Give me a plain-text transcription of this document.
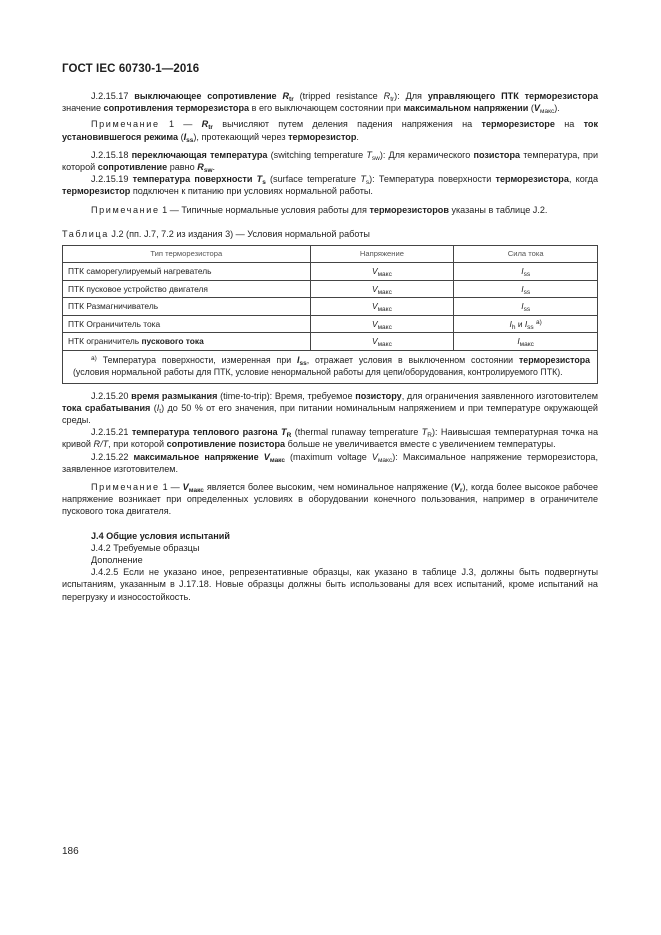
ГОСТ IEC 60730-1—2016

J.2.15.17 выключающее сопротивление $R_{tr}$ (tripped resistance $R_{tr}$): Для управляющего ПТК терморезистора значение сопротивления терморезистора в его выключающем состоянии при максимальном напряжении $(V_{макс})$.

Примечание 1 — $R_{tr}$ вычисляют путем деления падения напряжения на терморезисторе на ток установившегося режима $(I_{ss})$, протекающий через терморезистор.

J.2.15.18 переключающая температура (switching temperature $T_{sw}$): Для керамического позистора температура, при которой сопротивление равно $R_{sw}$.

J.2.15.19 температура поверхности $T_s$ (surface temperature $T_s$): Температура поверхности терморезистора, когда терморезистор подключен к питанию при условиях нормальной работы.

Примечание 1 — Типичные нормальные условия работы для терморезисторов указаны в таблице J.2.

Таблица J.2 (пп. J.7, 7.2 из издания 3) — Условия нормальной работы

Тип терморезистора	Напряжение	Сила тока
ПТК саморегулируемый нагреватель	$V_{макс}$	$I_{ss}$
ПТК пусковое устройство двигателя	$V_{макс}$	$I_{ss}$
ПТК Размагничиватель	$V_{макс}$	$I_{ss}$
ПТК Ограничитель тока	$V_{макс}$	$I_h$ и $I_{ss}$ $^{a)}$
НТК ограничитель пускового тока	$V_{макс}$	$I_{макс}$

$^{a)}$ Температура поверхности, измеренная при $I_{ss}$, отражает условия в выключенном состоянии терморезистора (условия нормальной работы для ПТК, условие ненормальной работы для цепи/оборудования, контролируемого ПТК).		

J.2.15.20 время размыкания (time-to-trip): Время, требуемое позистору, для ограничения заявленного изготовителем тока срабатывания $(I_t)$ до 50 % от его значения, при питании номинальным напряжением и при температуре окружающей среды.

J.2.15.21 температура теплового разгона $T_R$ (thermal runaway temperature $T_R$): Наивысшая температурная точка на кривой R/T, при которой сопротивление позистора больше не увеличивается вместе с увеличением температуры.

J.2.15.22 максимальное напряжение $V_{макс}$ (maximum voltage $V_{макс}$): Максимальное напряжение терморезистора, заявленное изготовителем.

Примечание 1 — $V_{макс}$ является более высоким, чем номинальное напряжение $(V_r)$, когда более высокое рабочее напряжение возникает при определенных условиях в оборудовании конечного пользования, например в ограничителе пускового тока двигателя.

J.4 Общие условия испытаний

J.4.2 Требуемые образцы

Дополнение

J.4.2.5 Если не указано иное, репрезентативные образцы, как указано в таблице J.3, должны быть подвергнуты испытаниям, указанным в J.17.18. Новые образцы должны быть использованы для всех испытаний, кроме испытаний на перегрузку и износостойкость.

186
